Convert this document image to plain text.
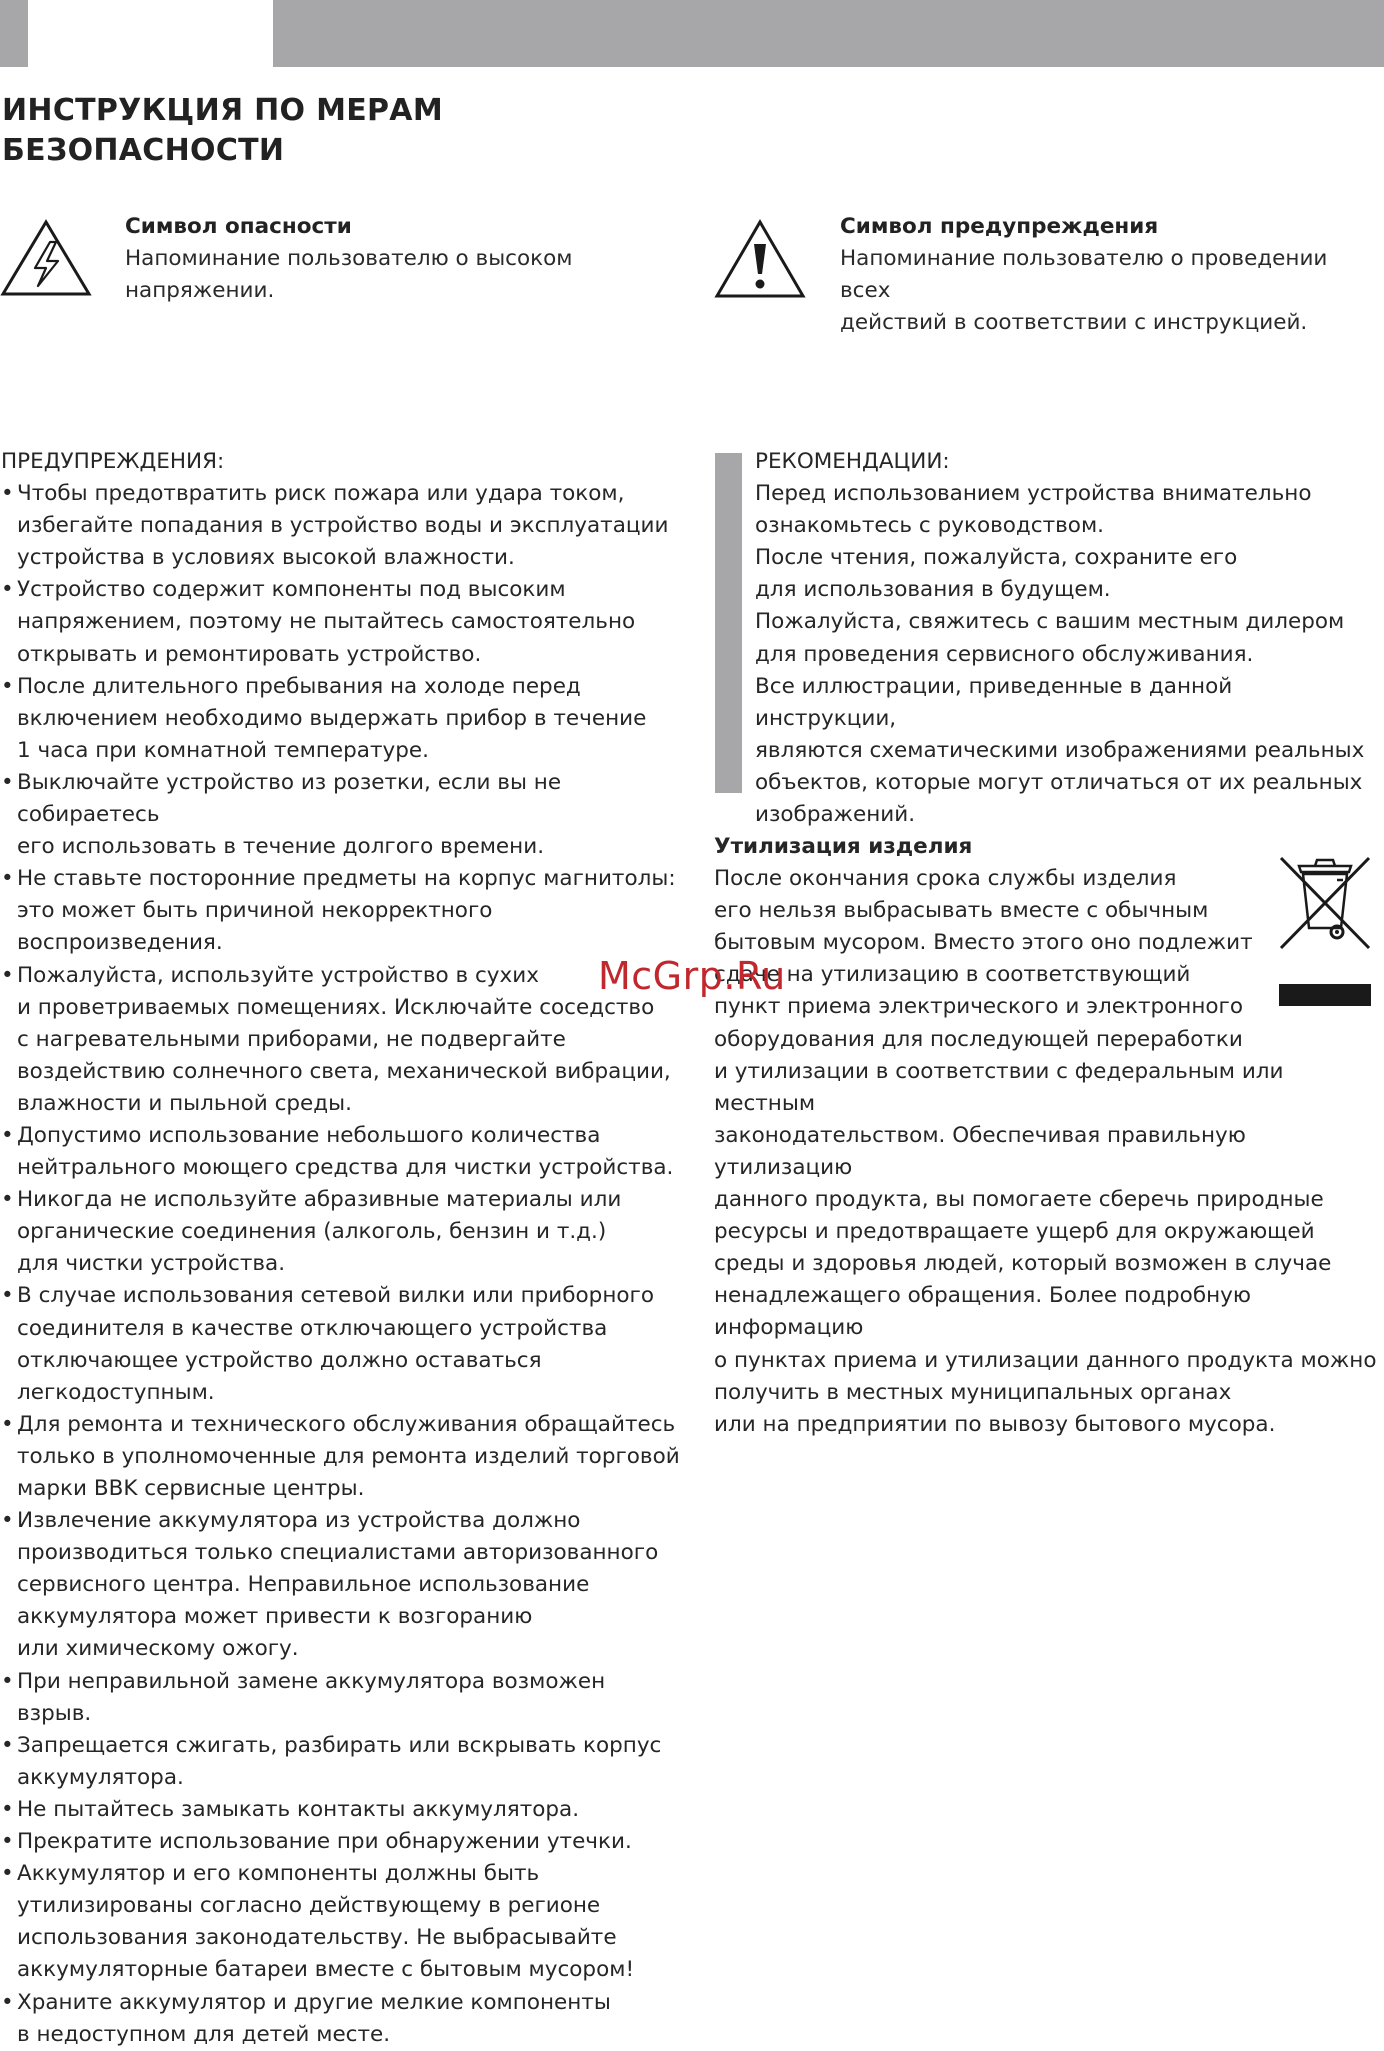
ИНСТРУКЦИЯ ПО МЕРАМ
БЕЗОПАСНОСТИ
Символ опасности
Напоминание пользователю о высоком
напряжении.
Символ предупреждения
Напоминание пользователю о проведении всех
действий в соответствии с инструкцией.
ПРЕДУПРЕЖДЕНИЯ:
• Чтобы предотвратить риск пожара или удара током,
избегайте попадания в устройство воды и эксплуатации
устройства в условиях высокой влажности.
• Устройство содержит компоненты под высоким
напряжением, поэтому не пытайтесь самостоятельно
открывать и ремонтировать устройство.
• После длительного пребывания на холоде перед
включением необходимо выдержать прибор в течение
1 часа при комнатной температуре.
• Выключайте устройство из розетки, если вы не собираетесь
его использовать в течение долгого времени.
• Не ставьте посторонние предметы на корпус магнитолы:
это может быть причиной некорректного воспроизведения.
• Пожалуйста, используйте устройство в сухих
и проветриваемых помещениях. Исключайте соседство
с нагревательными приборами, не подвергайте
воздействию солнечного света, механической вибрации,
влажности и пыльной среды.
• Допустимо использование небольшого количества
нейтрального моющего средства для чистки устройства.
• Никогда не используйте абразивные материалы или
органические соединения (алкоголь, бензин и т.д.)
для чистки устройства.
• В случае использования сетевой вилки или приборного
соединителя в качестве отключающего устройства
отключающее устройство должно оставаться
легкодоступным.
• Для ремонта и технического обслуживания обращайтесь
только в уполномоченные для ремонта изделий торговой
марки BBK сервисные центры.
• Извлечение аккумулятора из устройства должно
производиться только специалистами авторизованного
сервисного центра. Неправильное использование
аккумулятора может привести к возгоранию
или химическому ожогу.
• При неправильной замене аккумулятора возможен взрыв.
• Запрещается сжигать, разбирать или вскрывать корпус
аккумулятора.
• Не пытайтесь замыкать контакты аккумулятора.
• Прекратите использование при обнаружении утечки.
• Аккумулятор и его компоненты должны быть
утилизированы согласно действующему в регионе
использования законодательству. Не выбрасывайте
аккумуляторные батареи вместе с бытовым мусором!
• Храните аккумулятор и другие мелкие компоненты
в недоступном для детей месте.
РЕКОМЕНДАЦИИ:
Перед использованием устройства внимательно
ознакомьтесь с руководством.
После чтения, пожалуйста, сохраните его
для использования в будущем.
Пожалуйста, свяжитесь с вашим местным дилером
для проведения сервисного обслуживания.
Все иллюстрации, приведенные в данной инструкции,
являются схематическими изображениями реальных
объектов, которые могут отличаться от их реальных
изображений.
Утилизация изделия
После окончания срока службы изделия
его нельзя выбрасывать вместе с обычным
бытовым мусором. Вместо этого оно подлежит
сдаче на утилизацию в соответствующий
пункт приема электрического и электронного
оборудования для последующей переработки
и утилизации в соответствии с федеральным или местным
законодательством. Обеспечивая правильную утилизацию
данного продукта, вы помогаете сберечь природные
ресурсы и предотвращаете ущерб для окружающей
среды и здоровья людей, который возможен в случае
ненадлежащего обращения. Более подробную информацию
о пунктах приема и утилизации данного продукта можно
получить в местных муниципальных органах
или на предприятии по вывозу бытового мусора.
McGrp.Ru
